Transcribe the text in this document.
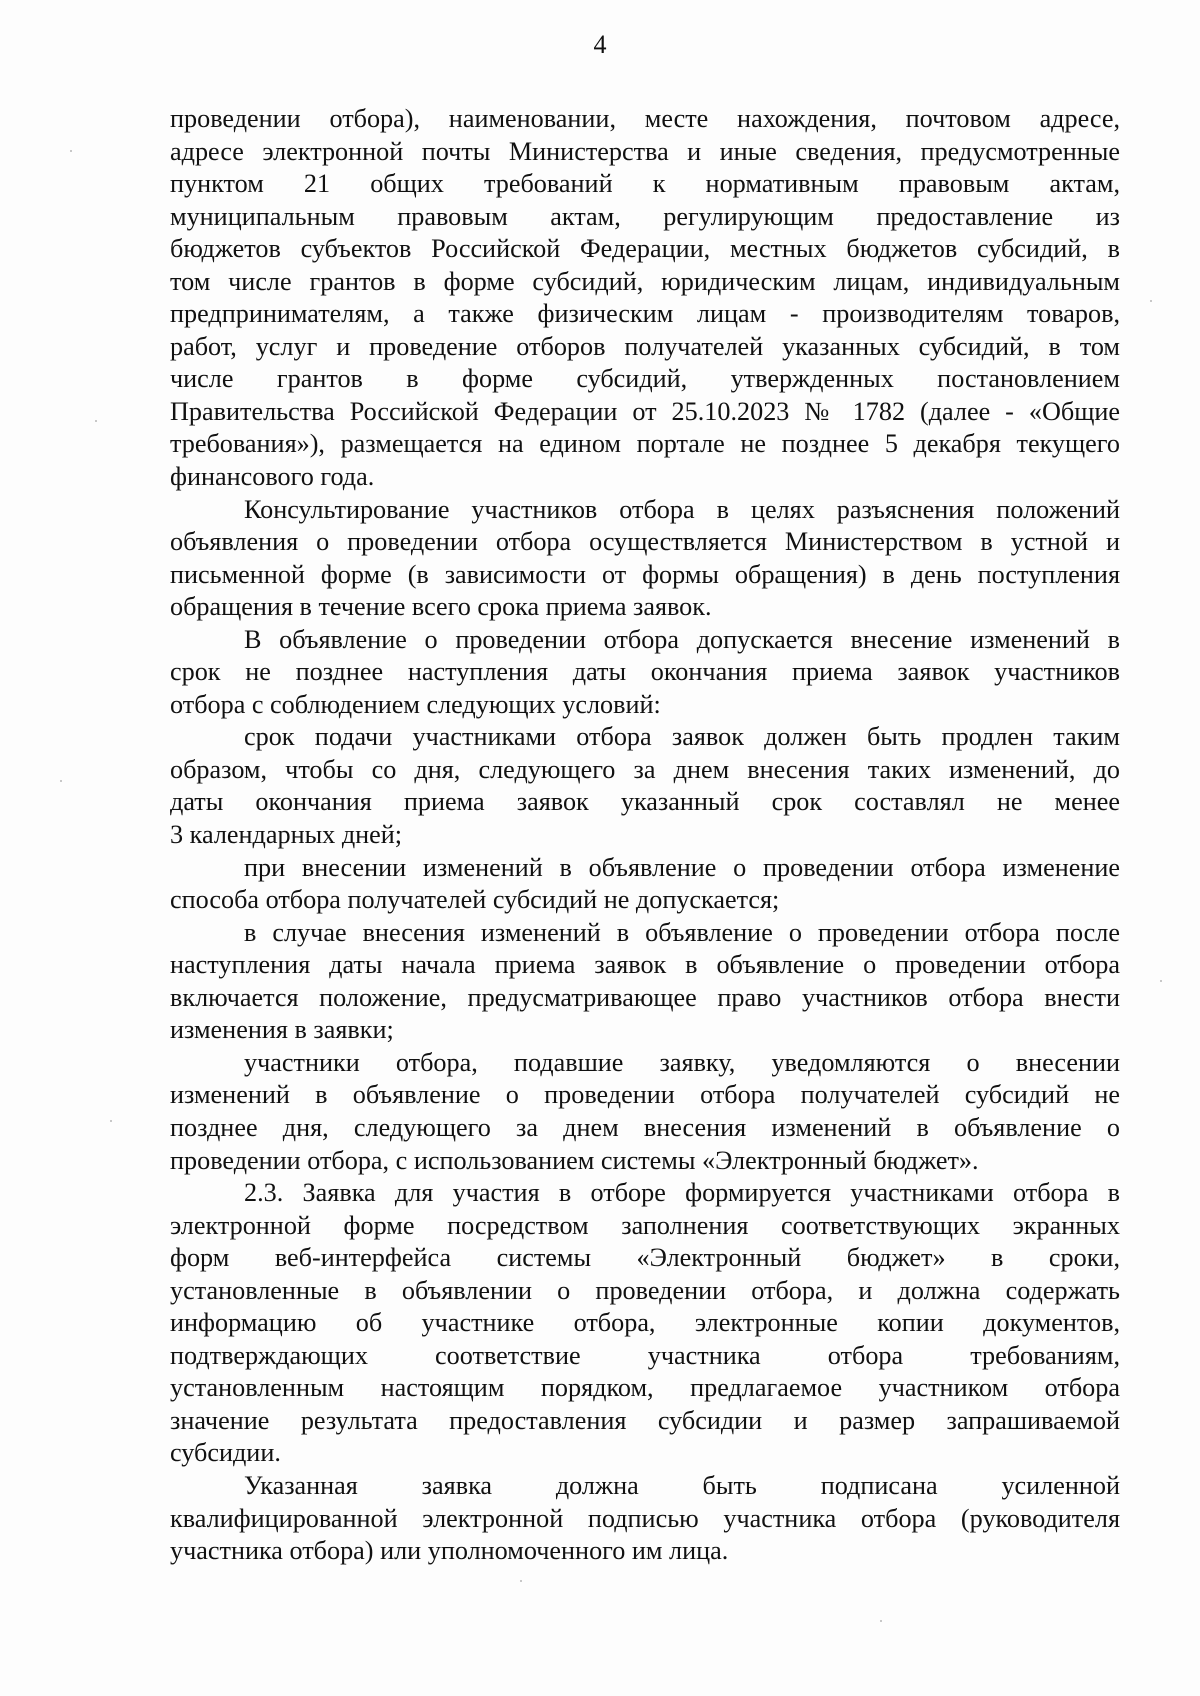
4
проведении отбора), наименовании, месте нахождения, почтовом адресе,
адресе электронной почты Министерства и иные сведения, предусмотренные
пунктом 21 общих требований к нормативным правовым актам,
муниципальным правовым актам, регулирующим предоставление из
бюджетов субъектов Российской Федерации, местных бюджетов субсидий, в
том числе грантов в форме субсидий, юридическим лицам, индивидуальным
предпринимателям, а также физическим лицам - производителям товаров,
работ, услуг и проведение отборов получателей указанных субсидий, в том
числе грантов в форме субсидий, утвержденных постановлением
Правительства Российской Федерации от 25.10.2023 № 1782 (далее - «Общие
требования»), размещается на едином портале не позднее 5 декабря текущего
финансового года.
Консультирование участников отбора в целях разъяснения положений
объявления о проведении отбора осуществляется Министерством в устной и
письменной форме (в зависимости от формы обращения) в день поступления
обращения в течение всего срока приема заявок.
В объявление о проведении отбора допускается внесение изменений в
срок не позднее наступления даты окончания приема заявок участников
отбора с соблюдением следующих условий:
срок подачи участниками отбора заявок должен быть продлен таким
образом, чтобы со дня, следующего за днем внесения таких изменений, до
даты окончания приема заявок указанный срок составлял не менее
3 календарных дней;
при внесении изменений в объявление о проведении отбора изменение
способа отбора получателей субсидий не допускается;
в случае внесения изменений в объявление о проведении отбора после
наступления даты начала приема заявок в объявление о проведении отбора
включается положение, предусматривающее право участников отбора внести
изменения в заявки;
участники отбора, подавшие заявку, уведомляются о внесении
изменений в объявление о проведении отбора получателей субсидий не
позднее дня, следующего за днем внесения изменений в объявление о
проведении отбора, с использованием системы «Электронный бюджет».
2.3. Заявка для участия в отборе формируется участниками отбора в
электронной форме посредством заполнения соответствующих экранных
форм веб-интерфейса системы «Электронный бюджет» в сроки,
установленные в объявлении о проведении отбора, и должна содержать
информацию об участнике отбора, электронные копии документов,
подтверждающих соответствие участника отбора требованиям,
установленным настоящим порядком, предлагаемое участником отбора
значение результата предоставления субсидии и размер запрашиваемой
субсидии.
Указанная заявка должна быть подписана усиленной
квалифицированной электронной подписью участника отбора (руководителя
участника отбора) или уполномоченного им лица.
